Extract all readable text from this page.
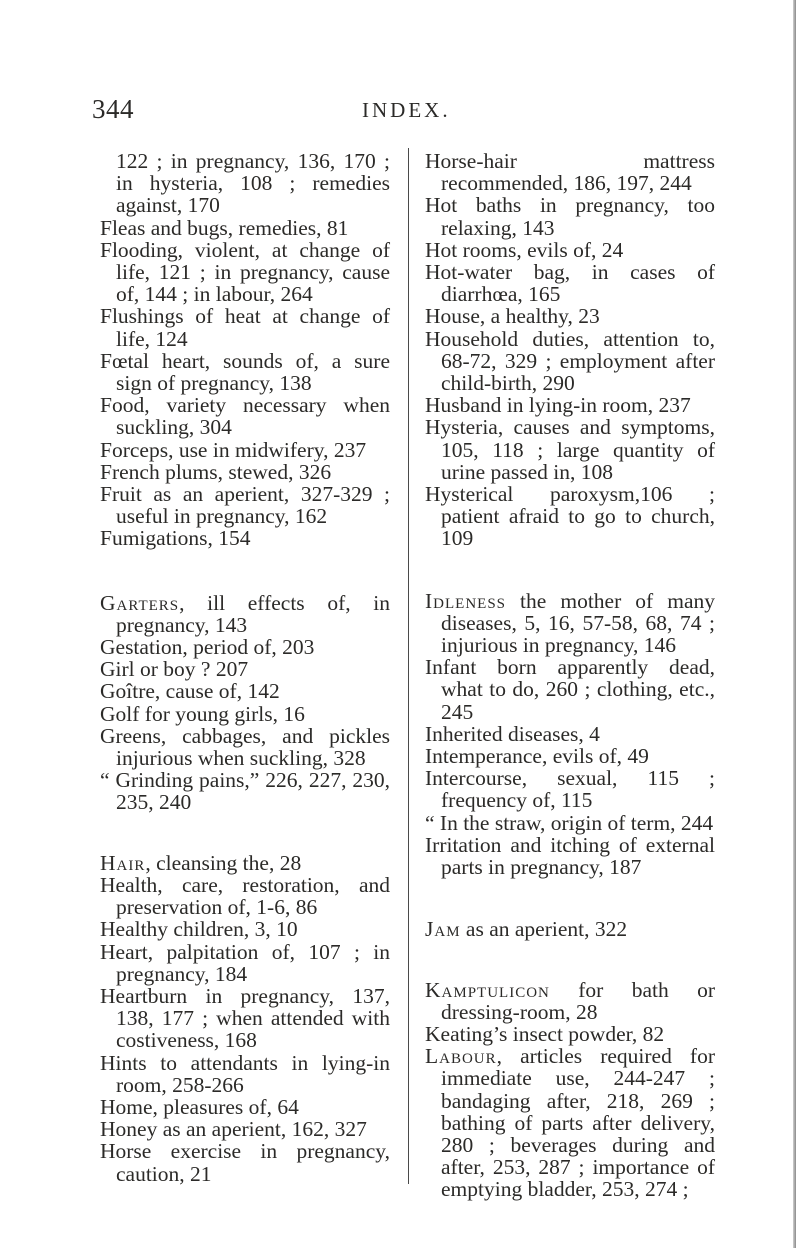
344	INDEX.

122 ; in pregnancy, 136, 170 ; in hysteria, 108 ; remedies against, 170

Fleas and bugs, remedies, 81

Flooding, violent, at change of life, 121 ; in pregnancy, cause of, 144 ; in labour, 264

Flushings of heat at change of life, 124

Fœtal heart, sounds of, a sure sign of pregnancy, 138

Food, variety necessary when suckling, 304

Forceps, use in midwifery, 237

French plums, stewed, 326

Fruit as an aperient, 327-329 ; useful in pregnancy, 162

Fumigations, 154

Garters, ill effects of, in pregnancy, 143

Gestation, period of, 203

Girl or boy ? 207

Goître, cause of, 142

Golf for young girls, 16

Greens, cabbages, and pickles injurious when suckling, 328

“ Grinding pains,” 226, 227, 230, 235, 240

Hair, cleansing the, 28

Health, care, restoration, and preservation of, 1-6, 86

Healthy children, 3, 10

Heart, palpitation of, 107 ; in pregnancy, 184

Heartburn in pregnancy, 137, 138, 177 ; when attended with costiveness, 168

Hints to attendants in lying-in room, 258-266

Home, pleasures of, 64

Honey as an aperient, 162, 327

Horse exercise in pregnancy, caution, 21

Horse-hair mattress recommended, 186, 197, 244

Hot baths in pregnancy, too relaxing, 143

Hot rooms, evils of, 24

Hot-water bag, in cases of diarrhœa, 165

House, a healthy, 23

Household duties, attention to, 68-72, 329 ; employment after child-birth, 290

Husband in lying-in room, 237

Hysteria, causes and symptoms, 105, 118 ; large quantity of urine passed in, 108

Hysterical paroxysm,106 ; patient afraid to go to church, 109

Idleness the mother of many diseases, 5, 16, 57-58, 68, 74 ; injurious in pregnancy, 146

Infant born apparently dead, what to do, 260 ; clothing, etc., 245

Inherited diseases, 4

Intemperance, evils of, 49

Intercourse, sexual, 115 ; frequency of, 115

“ In the straw, origin of term, 244

Irritation and itching of external parts in pregnancy, 187

Jam as an aperient, 322

Kamptulicon for bath or dressing-room, 28

Keating’s insect powder, 82

Labour, articles required for immediate use, 244-247 ; bandaging after, 218, 269 ; bathing of parts after delivery, 280 ; beverages during and after, 253, 287 ; importance of emptying bladder, 253, 274 ;
